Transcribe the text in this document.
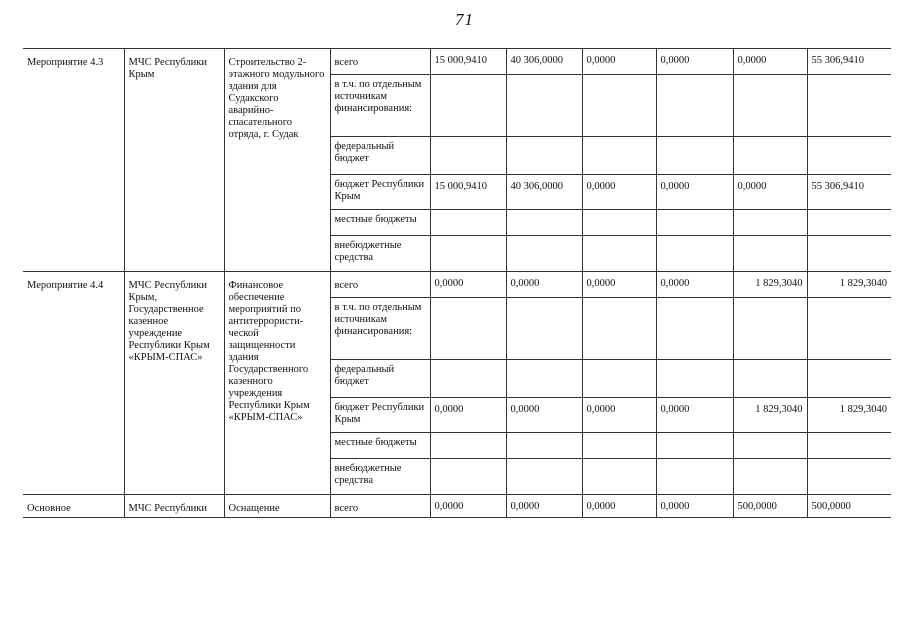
71
Мероприятие 4.3	МЧС Республики Крым	Строительство 2-этажного модульного здания для Судакского аварийно-спасательного отряда, г. Судак	всего	15 000,9410	40 306,0000	0,0000	0,0000	0,0000	55 306,9410
			в т.ч. по отдельным источникам финансирования:						
			федеральный бюджет						
			бюджет Республики Крым	15 000,9410	40 306,0000	0,0000	0,0000	0,0000	55 306,9410
			местные бюджеты						
			внебюджетные средства						
Мероприятие 4.4	МЧС Республики Крым, Государственное казенное учреждение Республики Крым «КРЫМ-СПАС»	Финансовое обеспечение мероприятий по антитеррористи-ческой защищенности здания Государственного казенного учреждения Республики Крым «КРЫМ-СПАС»	всего	0,0000	0,0000	0,0000	0,0000	1 829,3040	1 829,3040
			в т.ч. по отдельным источникам финансирования:						
			федеральный бюджет						
			бюджет Республики Крым	0,0000	0,0000	0,0000	0,0000	1 829,3040	1 829,3040
			местные бюджеты						
			внебюджетные средства						
Основное	МЧС Республики	Оснащение	всего	0,0000	0,0000	0,0000	0,0000	500,0000	500,0000
